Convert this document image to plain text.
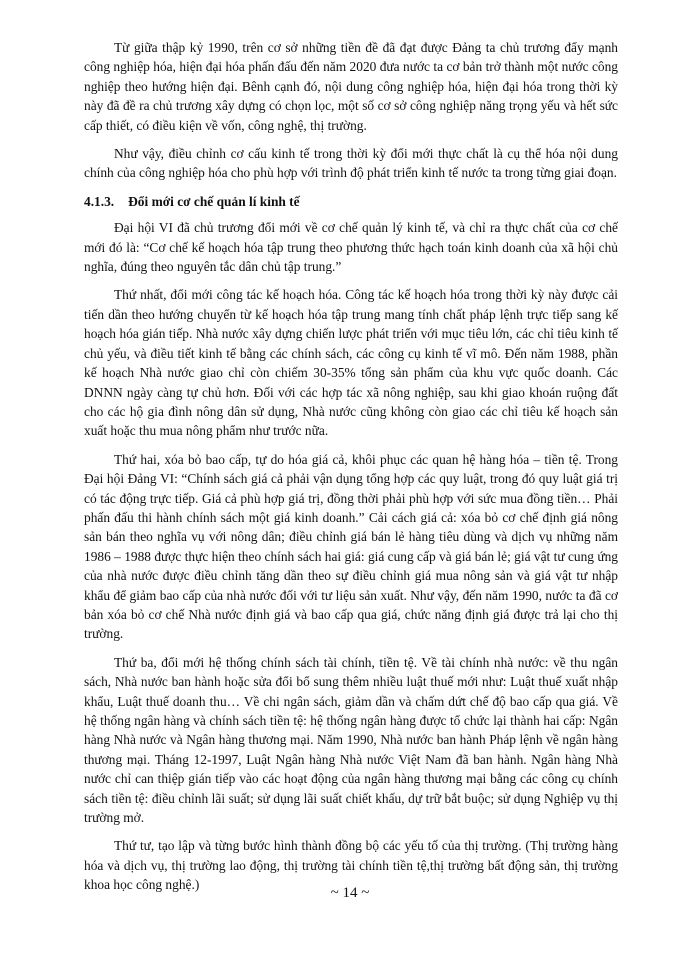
Từ giữa thập kỷ 1990, trên cơ sở những tiền đề đã đạt được Đảng ta chủ trương đẩy mạnh công nghiệp hóa, hiện đại hóa phấn đấu đến năm 2020 đưa nước ta cơ bản trở thành một nước công nghiệp theo hướng hiện đại. Bênh cạnh đó, nội dung công nghiệp hóa, hiện đại hóa trong thời kỳ này đã đề ra chủ trương xây dựng có chọn lọc, một số cơ sở công nghiệp năng trọng yếu và hết sức cấp thiết, có điều kiện về vốn, công nghệ, thị trường.

Như vậy, điều chỉnh cơ cấu kinh tế trong thời kỳ đổi mới thực chất là cụ thể hóa nội dung chính của công nghiệp hóa cho phù hợp với trình độ phát triển kinh tế nước ta trong từng giai đoạn.

4.1.3. Đổi mới cơ chế quản lí kinh tế

Đại hội VI đã chủ trương đổi mới về cơ chế quản lý kinh tế, và chỉ ra thực chất của cơ chế mới đó là: “Cơ chế kế hoạch hóa tập trung theo phương thức hạch toán kinh doanh của xã hội chủ nghĩa, đúng theo nguyên tắc dân chủ tập trung.”

Thứ nhất, đổi mới công tác kế hoạch hóa. Công tác kế hoạch hóa trong thời kỳ này được cải tiến dần theo hướng chuyển từ kế hoạch hóa tập trung mang tính chất pháp lệnh trực tiếp sang kế hoạch hóa gián tiếp. Nhà nước xây dựng chiến lược phát triển với mục tiêu lớn, các chỉ tiêu kinh tế chủ yếu, và điều tiết kinh tế bằng các chính sách, các công cụ kinh tế vĩ mô. Đến năm 1988, phần kế hoạch Nhà nước giao chỉ còn chiếm 30-35% tổng sản phẩm của khu vực quốc doanh. Các DNNN ngày càng tự chủ hơn. Đối với các hợp tác xã nông nghiệp, sau khi giao khoán ruộng đất cho các hộ gia đình nông dân sử dụng, Nhà nước cũng không còn giao các chỉ tiêu kế hoạch sản xuất hoặc thu mua nông phẩm như trước nữa.

Thứ hai, xóa bỏ bao cấp, tự do hóa giá cả, khôi phục các quan hệ hàng hóa – tiền tệ. Trong Đại hội Đảng VI: “Chính sách giá cả phải vận dụng tổng hợp các quy luật, trong đó quy luật giá trị có tác động trực tiếp. Giá cả phù hợp giá trị, đồng thời phải phù hợp với sức mua đồng tiền… Phải phấn đấu thi hành chính sách một giá kinh doanh.” Cải cách giá cả: xóa bỏ cơ chế định giá nông sản bán theo nghĩa vụ với nông dân; điều chỉnh giá bán lẻ hàng tiêu dùng và dịch vụ những năm 1986 – 1988 được thực hiện theo chính sách hai giá: giá cung cấp và giá bán lẻ; giá vật tư cung ứng của nhà nước được điều chỉnh tăng dần theo sự điều chỉnh giá mua nông sản và giá vật tư nhập khẩu để giảm bao cấp của nhà nước đối với tư liệu sản xuất. Như vậy, đến năm 1990, nước ta đã cơ bản xóa bỏ cơ chế Nhà nước định giá và bao cấp qua giá, chức năng định giá được trả lại cho thị trường.

Thứ ba, đổi mới hệ thống chính sách tài chính, tiền tệ. Về tài chính nhà nước: về thu ngân sách, Nhà nước ban hành hoặc sửa đổi bổ sung thêm nhiều luật thuế mới như: Luật thuế xuất nhập khẩu, Luật thuế doanh thu… Về chi ngân sách, giảm dần và chấm dứt chế độ bao cấp qua giá. Về hệ thống ngân hàng và chính sách tiền tệ: hệ thống ngân hàng được tổ chức lại thành hai cấp: Ngân hàng Nhà nước và Ngân hàng thương mại. Năm 1990, Nhà nước ban hành Pháp lệnh về ngân hàng thương mại. Tháng 12-1997, Luật Ngân hàng Nhà nước Việt Nam đã ban hành. Ngân hàng Nhà nước chỉ can thiệp gián tiếp vào các hoạt động của ngân hàng thương mại bằng các công cụ chính sách tiền tệ: điều chỉnh lãi suất; sử dụng lãi suất chiết khấu, dự trữ bắt buộc; sử dụng Nghiệp vụ thị trường mở.

Thứ tư, tạo lập và từng bước hình thành đồng bộ các yếu tố của thị trường. (Thị trường hàng hóa và dịch vụ, thị trường lao động, thị trường tài chính tiền tệ,thị trường bất động sản, thị trường khoa học công nghệ.)

~ 14 ~
